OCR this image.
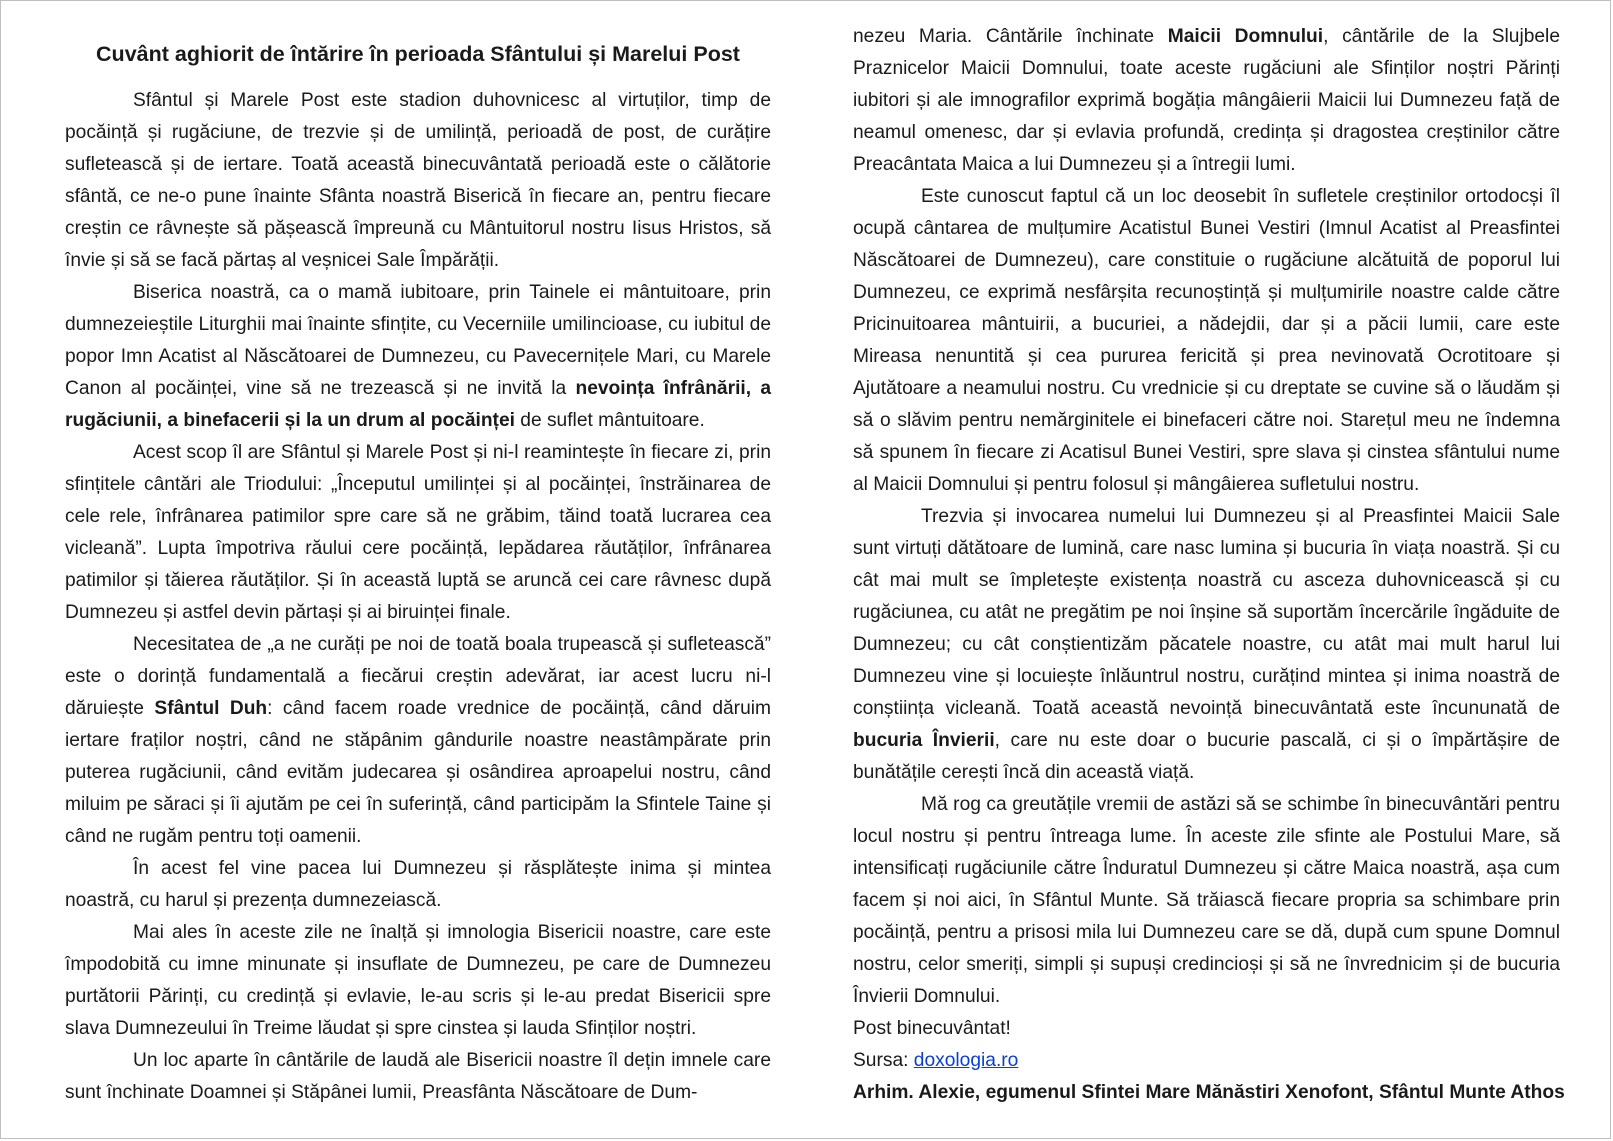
Cuvânt aghiorit de întărire în perioada Sfântului și Marelui Post

Sfântul și Marele Post este stadion duhovnicesc al virtuților, timp de pocăință și rugăciune, de trezvie și de umilință, perioadă de post, de curățire sufletească și de iertare. Toată această binecuvântată perioadă este o călătorie sfântă, ce ne-o pune înainte Sfânta noastră Biserică în fiecare an, pentru fiecare creștin ce râvnește să pășească împreună cu Mântuitorul nostru Iisus Hristos, să învie și să se facă părtaș al veșnicei Sale Împărății.

Biserica noastră, ca o mamă iubitoare, prin Tainele ei mântuitoare, prin dumnezeieștile Liturghii mai înainte sfințite, cu Vecerniile umilincioase, cu iubitul de popor Imn Acatist al Născătoarei de Dumnezeu, cu Pavecernițele Mari, cu Marele Canon al pocăinței, vine să ne trezească și ne invită la nevoința înfrânării, a rugăciunii, a binefacerii și la un drum al pocăinței de suflet mântuitoare.

Acest scop îl are Sfântul și Marele Post și ni-l reamintește în fiecare zi, prin sfințitele cântări ale Triodului: „Începutul umilinței și al pocăinței, înstrăinarea de cele rele, înfrânarea patimilor spre care să ne grăbim, tăind toată lucrarea cea vicleană”. Lupta împotriva răului cere pocăință, lepădarea răutăților, înfrânarea patimilor și tăierea răutăților. Și în această luptă se aruncă cei care râvnesc după Dumnezeu și astfel devin părtași și ai biruinței finale.

Necesitatea de „a ne curăți pe noi de toată boala trupească și sufletească” este o dorință fundamentală a fiecărui creștin adevărat, iar acest lucru ni-l dăruiește Sfântul Duh: când facem roade vrednice de pocăință, când dăruim iertare fraților noștri, când ne stăpânim gândurile noastre neastâmpărate prin puterea rugăciunii, când evităm judecarea și osândirea aproapelui nostru, când miluim pe săraci și îi ajutăm pe cei în suferință, când participăm la Sfintele Taine și când ne rugăm pentru toți oamenii.

În acest fel vine pacea lui Dumnezeu și răsplătește inima și mintea noastră, cu harul și prezența dumnezeiască.

Mai ales în aceste zile ne înalță și imnologia Bisericii noastre, care este împodobită cu imne minunate și insuflate de Dumnezeu, pe care de Dumnezeu purtătorii Părinți, cu credință și evlavie, le-au scris și le-au predat Bisericii spre slava Dumnezeului în Treime lăudat și spre cinstea și lauda Sfinților noștri.

Un loc aparte în cântările de laudă ale Bisericii noastre îl dețin imnele care sunt închinate Doamnei și Stăpânei lumii, Preasfânta Născătoare de Dum-

nezeu Maria. Cântările închinate Maicii Domnului, cântările de la Slujbele Praznicelor Maicii Domnului, toate aceste rugăciuni ale Sfinților noștri Părinți iubitori și ale imnografilor exprimă bogăția mângâierii Maicii lui Dumnezeu față de neamul omenesc, dar și evlavia profundă, credința și dragostea creștinilor către Preacântata Maica a lui Dumnezeu și a întregii lumi.

Este cunoscut faptul că un loc deosebit în sufletele creștinilor ortodocși îl ocupă cântarea de mulțumire Acatistul Bunei Vestiri (Imnul Acatist al Preasfintei Născătoarei de Dumnezeu), care constituie o rugăciune alcătuită de poporul lui Dumnezeu, ce exprimă nesfârșita recunoștință și mulțumirile noastre calde către Pricinuitoarea mântuirii, a bucuriei, a nădejdii, dar și a păcii lumii, care este Mireasa nenuntită și cea pururea fericită și prea nevinovată Ocrotitoare și Ajutătoare a neamului nostru. Cu vrednicie și cu dreptate se cuvine să o lăudăm și să o slăvim pentru nemărginitele ei binefaceri către noi. Starețul meu ne îndemna să spunem în fiecare zi Acatisul Bunei Vestiri, spre slava și cinstea sfântului nume al Maicii Domnului și pentru folosul și mângâierea sufletului nostru.

Trezvia și invocarea numelui lui Dumnezeu și al Preasfintei Maicii Sale sunt virtuți dătătoare de lumină, care nasc lumina și bucuria în viața noastră. Și cu cât mai mult se împletește existența noastră cu asceza duhovnicească și cu rugăciunea, cu atât ne pregătim pe noi înșine să suportăm încercările îngăduite de Dumnezeu; cu cât conștientizăm păcatele noastre, cu atât mai mult harul lui Dumnezeu vine și locuiește înlăuntrul nostru, curățind mintea și inima noastră de conștiința vicleană. Toată această nevoință binecuvântată este încununată de bucuria Învierii, care nu este doar o bucurie pascală, ci și o împărtășire de bunătățile cerești încă din această viață.

Mă rog ca greutățile vremii de astăzi să se schimbe în binecuvântări pentru locul nostru și pentru întreaga lume. În aceste zile sfinte ale Postului Mare, să intensificați rugăciunile către Înduratul Dumnezeu și către Maica noastră, așa cum facem și noi aici, în Sfântul Munte. Să trăiască fiecare propria sa schimbare prin pocăință, pentru a prisosi mila lui Dumnezeu care se dă, după cum spune Domnul nostru, celor smeriți, simpli și supuși credincioși și să ne învrednicim și de bucuria Învierii Domnului.

Post binecuvântat!

Sursa: doxologia.ro

Arhim. Alexie, egumenul Sfintei Mare Mănăstiri Xenofont, Sfântul Munte Athos
